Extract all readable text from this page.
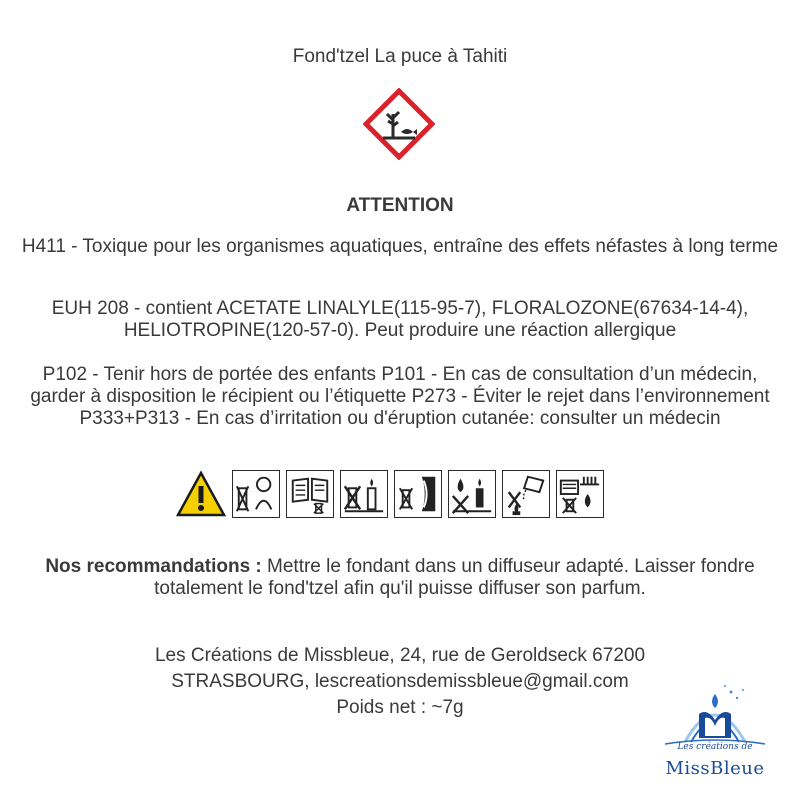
Fond'tzel La puce à Tahiti
ATTENTION
H411 - Toxique pour les organismes aquatiques, entraîne des effets néfastes à long terme
EUH 208 - contient ACETATE LINALYLE(115-95-7), FLORALOZONE(67634-14-4), HELIOTROPINE(120-57-0). Peut produire une réaction allergique
P102 - Tenir hors de portée des enfants P101 - En cas de consultation d’un médecin, garder à disposition le récipient ou l’étiquette P273 - Éviter le rejet dans l’environnement P333+P313 - En cas d’irritation ou d'éruption cutanée: consulter un médecin
Nos recommandations : Mettre le fondant dans un diffuseur adapté. Laisser fondre totalement le fond'tzel afin qu'il puisse diffuser son parfum.
Les Créations de Missbleue, 24, rue de Geroldseck 67200
STRASBOURG, lescreationsdemissbleue@gmail.com
Poids net : ~7g
Les créations de
MissBleue
